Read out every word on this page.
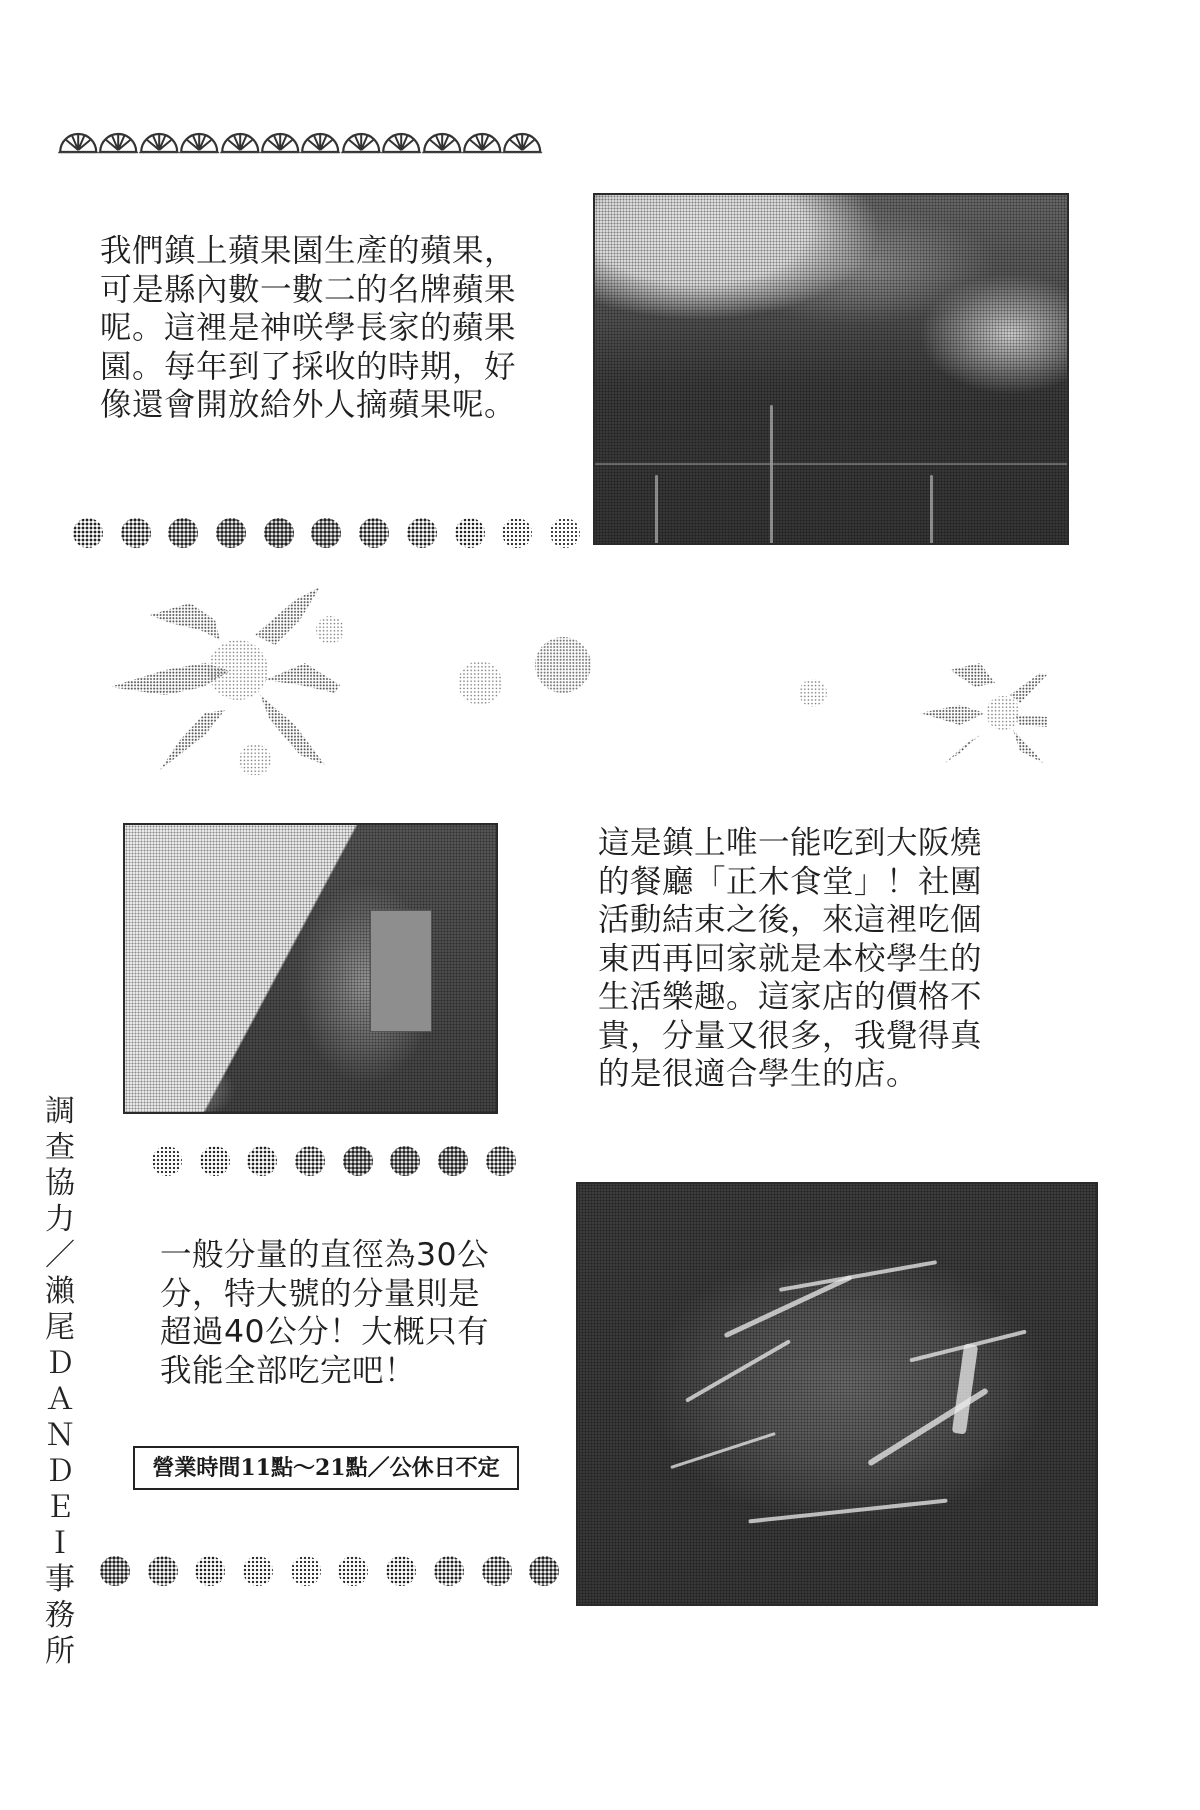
我們鎮上蘋果園生產的蘋果，
可是縣內數一數二的名牌蘋果
呢。這裡是神咲學長家的蘋果
園。每年到了採收的時期，好
像還會開放給外人摘蘋果呢。
這是鎮上唯一能吃到大阪燒
的餐廳「正木食堂」！社團
活動結束之後，來這裡吃個
東西再回家就是本校學生的
生活樂趣。這家店的價格不
貴，分量又很多，我覺得真
的是很適合學生的店。
一般分量的直徑為30公
分，特大號的分量則是
超過40公分！大概只有
我能全部吃完吧！
營業時間11點～21點／公休日不定
調
查
協
力
／
瀨
尾
Ｄ
Ａ
Ｎ
Ｄ
Ｅ
Ｉ
事
務
所
